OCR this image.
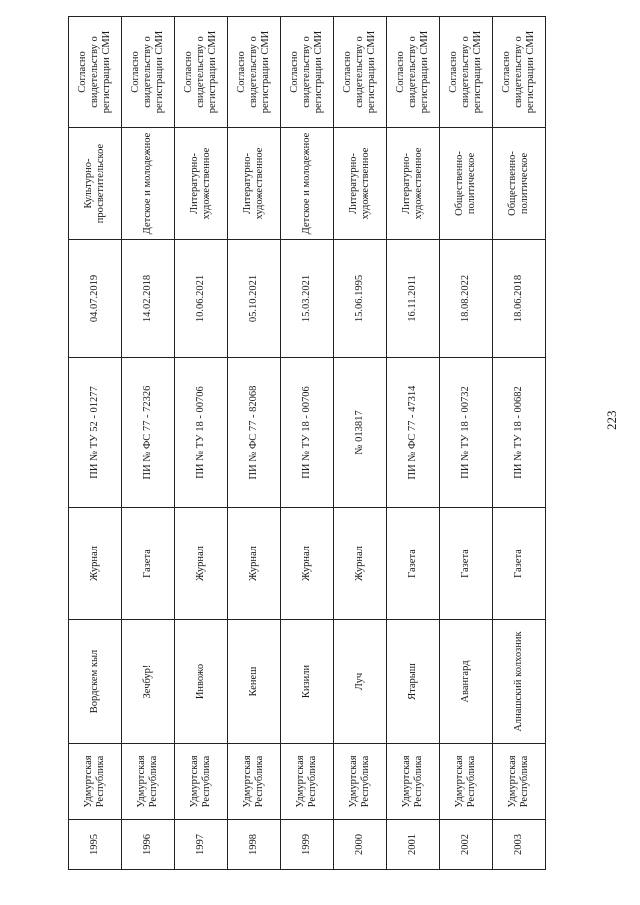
223
1995	Удмуртская Республика	Вордскем кыл	Журнал	ПИ № ТУ 52 - 01277	04.07.2019	Культурно-просветительское	Согласно свидетельству о регистрации СМИ
1996	Удмуртская Республика	Зечбур!	Газета	ПИ № ФС 77 - 72326	14.02.2018	Детское и молодежное	Согласно свидетельству о регистрации СМИ
1997	Удмуртская Республика	Инвожо	Журнал	ПИ № ТУ 18 - 00706	10.06.2021	Литературно-художественное	Согласно свидетельству о регистрации СМИ
1998	Удмуртская Республика	Кенеш	Журнал	ПИ № ФС 77 - 82068	05.10.2021	Литературно-художественное	Согласно свидетельству о регистрации СМИ
1999	Удмуртская Республика	Кизили	Журнал	ПИ № ТУ 18 - 00706	15.03.2021	Детское и молодежное	Согласно свидетельству о регистрации СМИ
2000	Удмуртская Республика	Луч	Журнал	№ 013817	15.06.1995	Литературно-художественное	Согласно свидетельству о регистрации СМИ
2001	Удмуртская Республика	Ятарыш	Газета	ПИ № ФС 77 - 47314	16.11.2011	Литературно-художественное	Согласно свидетельству о регистрации СМИ
2002	Удмуртская Республика	Авангард	Газета	ПИ № ТУ 18 - 00732	18.08.2022	Общественно-политическое	Согласно свидетельству о регистрации СМИ
2003	Удмуртская Республика	Алнашский колхозник	Газета	ПИ № ТУ 18 - 00682	18.06.2018	Общественно-политическое	Согласно свидетельству о регистрации СМИ
